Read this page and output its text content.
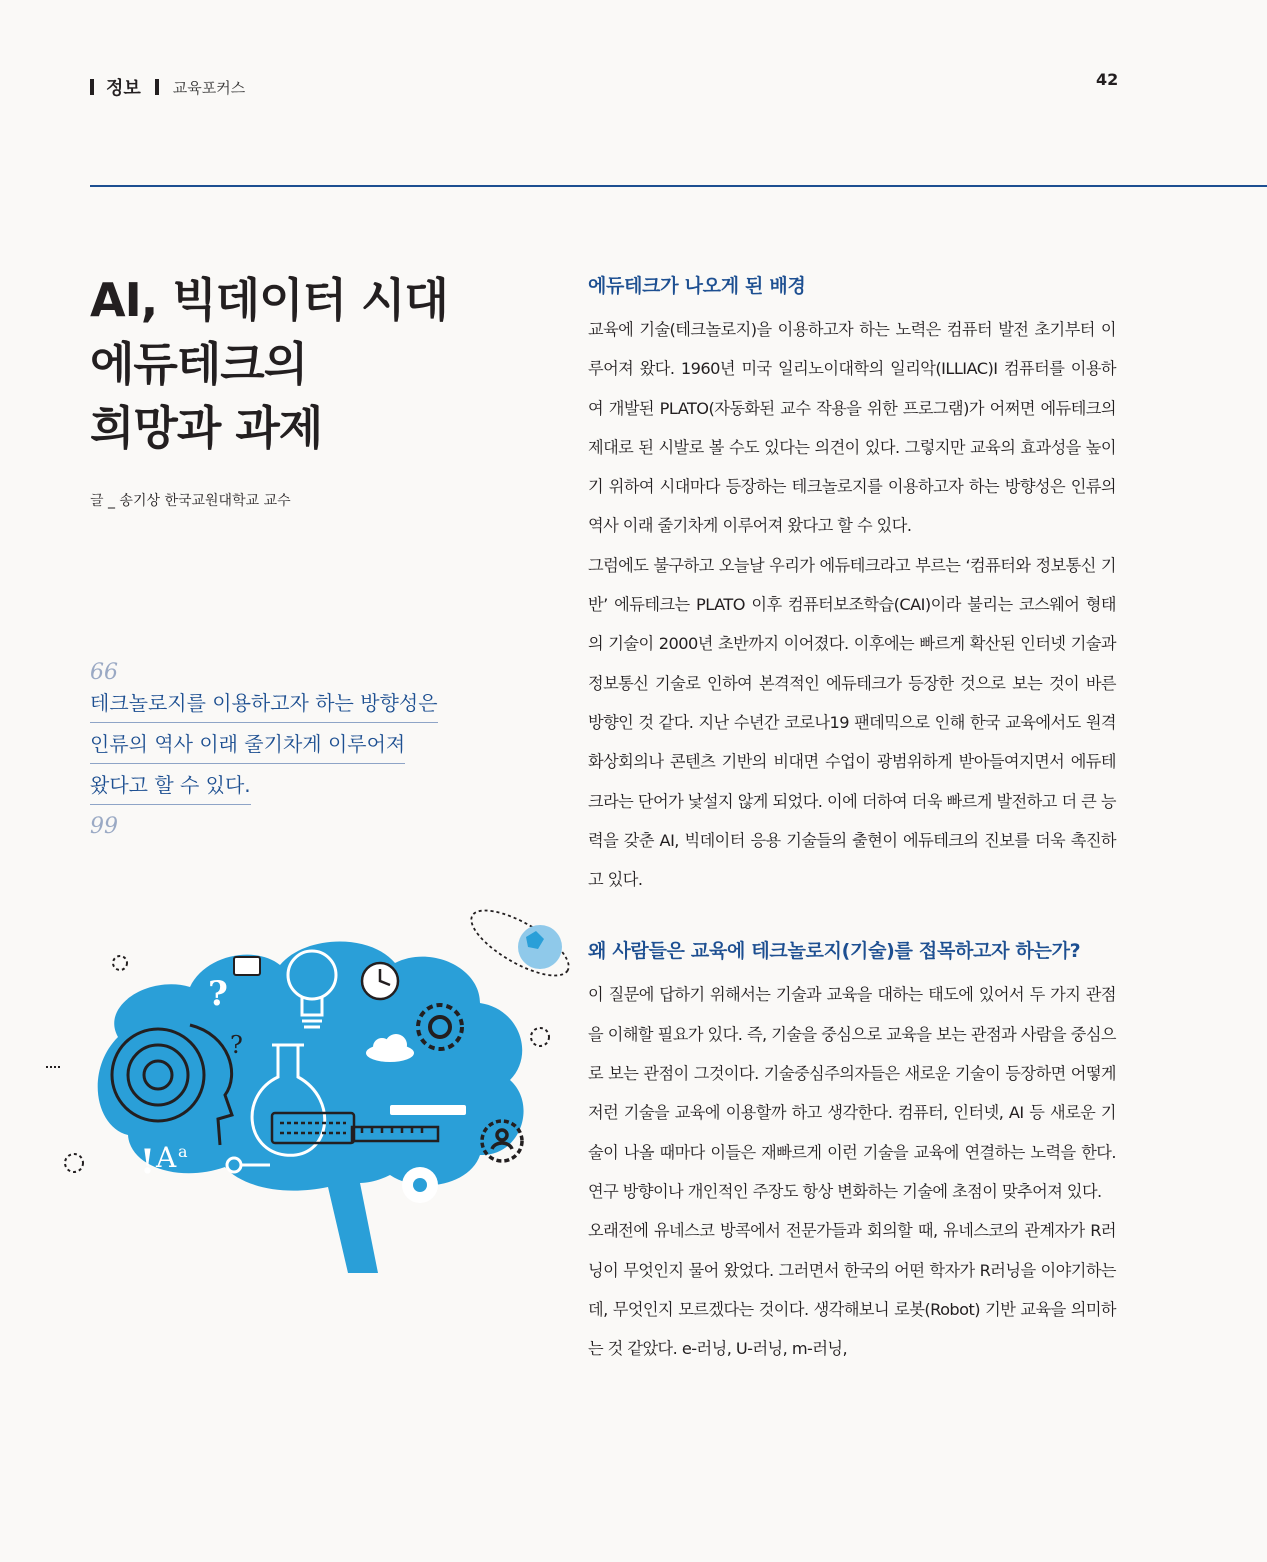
정보 교육포커스	42
AI, 빅데이터 시대
에듀테크의
희망과 과제
글 _ 송기상 한국교원대학교 교수
66
테크놀로지를 이용하고자 하는 방향성은
인류의 역사 이래 줄기차게 이루어져
왔다고 할 수 있다.
99
?
?
! A a
에듀테크가 나오게 된 배경

교육에 기술(테크놀로지)을 이용하고자 하는 노력은 컴퓨터 발전 초기부터 이루어져 왔다. 1960년 미국 일리노이대학의 일리악(ILLIAC)I 컴퓨터를 이용하여 개발된 PLATO(자동화된 교수 작용을 위한 프로그램)가 어쩌면 에듀테크의 제대로 된 시발로 볼 수도 있다는 의견이 있다. 그렇지만 교육의 효과성을 높이기 위하여 시대마다 등장하는 테크놀로지를 이용하고자 하는 방향성은 인류의 역사 이래 줄기차게 이루어져 왔다고 할 수 있다.

그럼에도 불구하고 오늘날 우리가 에듀테크라고 부르는 ‘컴퓨터와 정보통신 기반’ 에듀테크는 PLATO 이후 컴퓨터보조학습(CAI)이라 불리는 코스웨어 형태의 기술이 2000년 초반까지 이어졌다. 이후에는 빠르게 확산된 인터넷 기술과 정보통신 기술로 인하여 본격적인 에듀테크가 등장한 것으로 보는 것이 바른 방향인 것 같다. 지난 수년간 코로나19 팬데믹으로 인해 한국 교육에서도 원격 화상회의나 콘텐츠 기반의 비대면 수업이 광범위하게 받아들여지면서 에듀테크라는 단어가 낯설지 않게 되었다. 이에 더하여 더욱 빠르게 발전하고 더 큰 능력을 갖춘 AI, 빅데이터 응용 기술들의 출현이 에듀테크의 진보를 더욱 촉진하고 있다.

왜 사람들은 교육에 테크놀로지(기술)를 접목하고자 하는가?

이 질문에 답하기 위해서는 기술과 교육을 대하는 태도에 있어서 두 가지 관점을 이해할 필요가 있다. 즉, 기술을 중심으로 교육을 보는 관점과 사람을 중심으로 보는 관점이 그것이다. 기술중심주의자들은 새로운 기술이 등장하면 어떻게 저런 기술을 교육에 이용할까 하고 생각한다. 컴퓨터, 인터넷, AI 등 새로운 기술이 나올 때마다 이들은 재빠르게 이런 기술을 교육에 연결하는 노력을 한다. 연구 방향이나 개인적인 주장도 항상 변화하는 기술에 초점이 맞추어져 있다.

오래전에 유네스코 방콕에서 전문가들과 회의할 때, 유네스코의 관계자가 R러닝이 무엇인지 물어 왔었다. 그러면서 한국의 어떤 학자가 R러닝을 이야기하는데, 무엇인지 모르겠다는 것이다. 생각해보니 로봇(Robot) 기반 교육을 의미하는 것 같았다. e-러닝, U-러닝, m-러닝,
